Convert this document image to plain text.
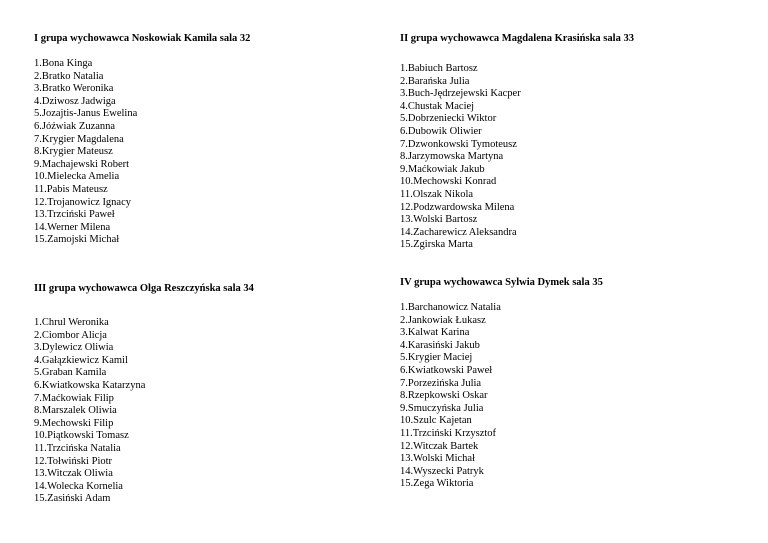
I grupa wychowawca Noskowiak Kamila sala 32
1.Bona Kinga
2.Bratko Natalia
3.Bratko Weronika
4.Dziwosz Jadwiga
5.Jozajtis-Janus Ewelina
6.Jóźwiak Zuzanna
7.Krygier Magdalena
8.Krygier Mateusz
9.Machajewski Robert
10.Mielecka Amelia
11.Pabis Mateusz
12.Trojanowicz Ignacy
13.Trzciński Paweł
14.Werner Milena
15.Zamojski Michał
II grupa wychowawca Magdalena Krasińska sala 33
1.Babiuch Bartosz
2.Barańska Julia
3.Buch-Jędrzejewski Kacper
4.Chustak Maciej
5.Dobrzeniecki Wiktor
6.Dubowik Oliwier
7.Dzwonkowski Tymoteusz
8.Jarzymowska Martyna
9.Maćkowiak Jakub
10.Mechowski Konrad
11.Olszak Nikola
12.Podzwardowska Milena
13.Wolski Bartosz
14.Zacharewicz Aleksandra
15.Zgirska Marta
III grupa wychowawca Olga Reszczyńska sala 34
1.Chrul Weronika
2.Ciombor Alicja
3.Dylewicz Oliwia
4.Gałązkiewicz Kamil
5.Graban Kamila
6.Kwiatkowska Katarzyna
7.Maćkowiak Filip
8.Marszalek Oliwia
9.Mechowski Filip
10.Piątkowski Tomasz
11.Trzcińska Natalia
12.Tołwiński Piotr
13.Witczak Oliwia
14.Wolecka Kornelia
15.Zasiński Adam
IV grupa wychowawca Sylwia Dymek sala 35
1.Barchanowicz Natalia
2.Jankowiak Łukasz
3.Kalwat Karina
4.Karasiński Jakub
5.Krygier Maciej
6.Kwiatkowski Paweł
7.Porzezińska Julia
8.Rzepkowski Oskar
9.Smuczyńska Julia
10.Szulc Kajetan
11.Trzciński Krzysztof
12.Witczak Bartek
13.Wolski Michał
14.Wyszecki Patryk
15.Zega Wiktoria
